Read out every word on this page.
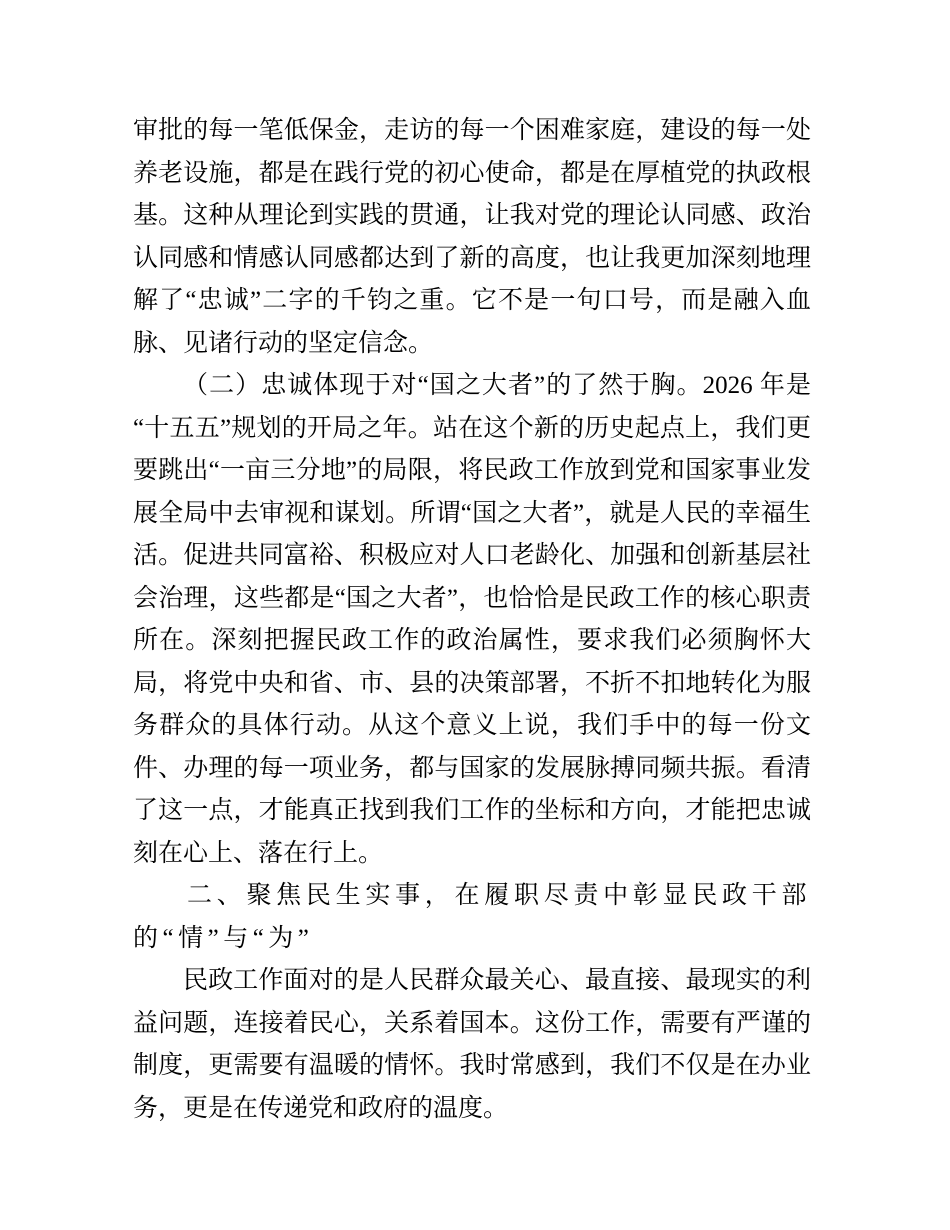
审批的每一笔低保金，走访的每一个困难家庭，建设的每一处养老设施，都是在践行党的初心使命，都是在厚植党的执政根基。这种从理论到实践的贯通，让我对党的理论认同感、政治认同感和情感认同感都达到了新的高度，也让我更加深刻地理解了“忠诚”二字的千钧之重。它不是一句口号，而是融入血脉、见诸行动的坚定信念。

（二）忠诚体现于对“国之大者”的了然于胸。2026 年是“十五五”规划的开局之年。站在这个新的历史起点上，我们更要跳出“一亩三分地”的局限，将民政工作放到党和国家事业发展全局中去审视和谋划。所谓“国之大者”，就是人民的幸福生活。促进共同富裕、积极应对人口老龄化、加强和创新基层社会治理，这些都是“国之大者”，也恰恰是民政工作的核心职责所在。深刻把握民政工作的政治属性，要求我们必须胸怀大局，将党中央和省、市、县的决策部署，不折不扣地转化为服务群众的具体行动。从这个意义上说，我们手中的每一份文件、办理的每一项业务，都与国家的发展脉搏同频共振。看清了这一点，才能真正找到我们工作的坐标和方向，才能把忠诚刻在心上、落在行上。

二、聚焦民生实事，在履职尽责中彰显民政干部的“情”与“为”

民政工作面对的是人民群众最关心、最直接、最现实的利益问题，连接着民心，关系着国本。这份工作，需要有严谨的制度，更需要有温暖的情怀。我时常感到，我们不仅是在办业务，更是在传递党和政府的温度。
